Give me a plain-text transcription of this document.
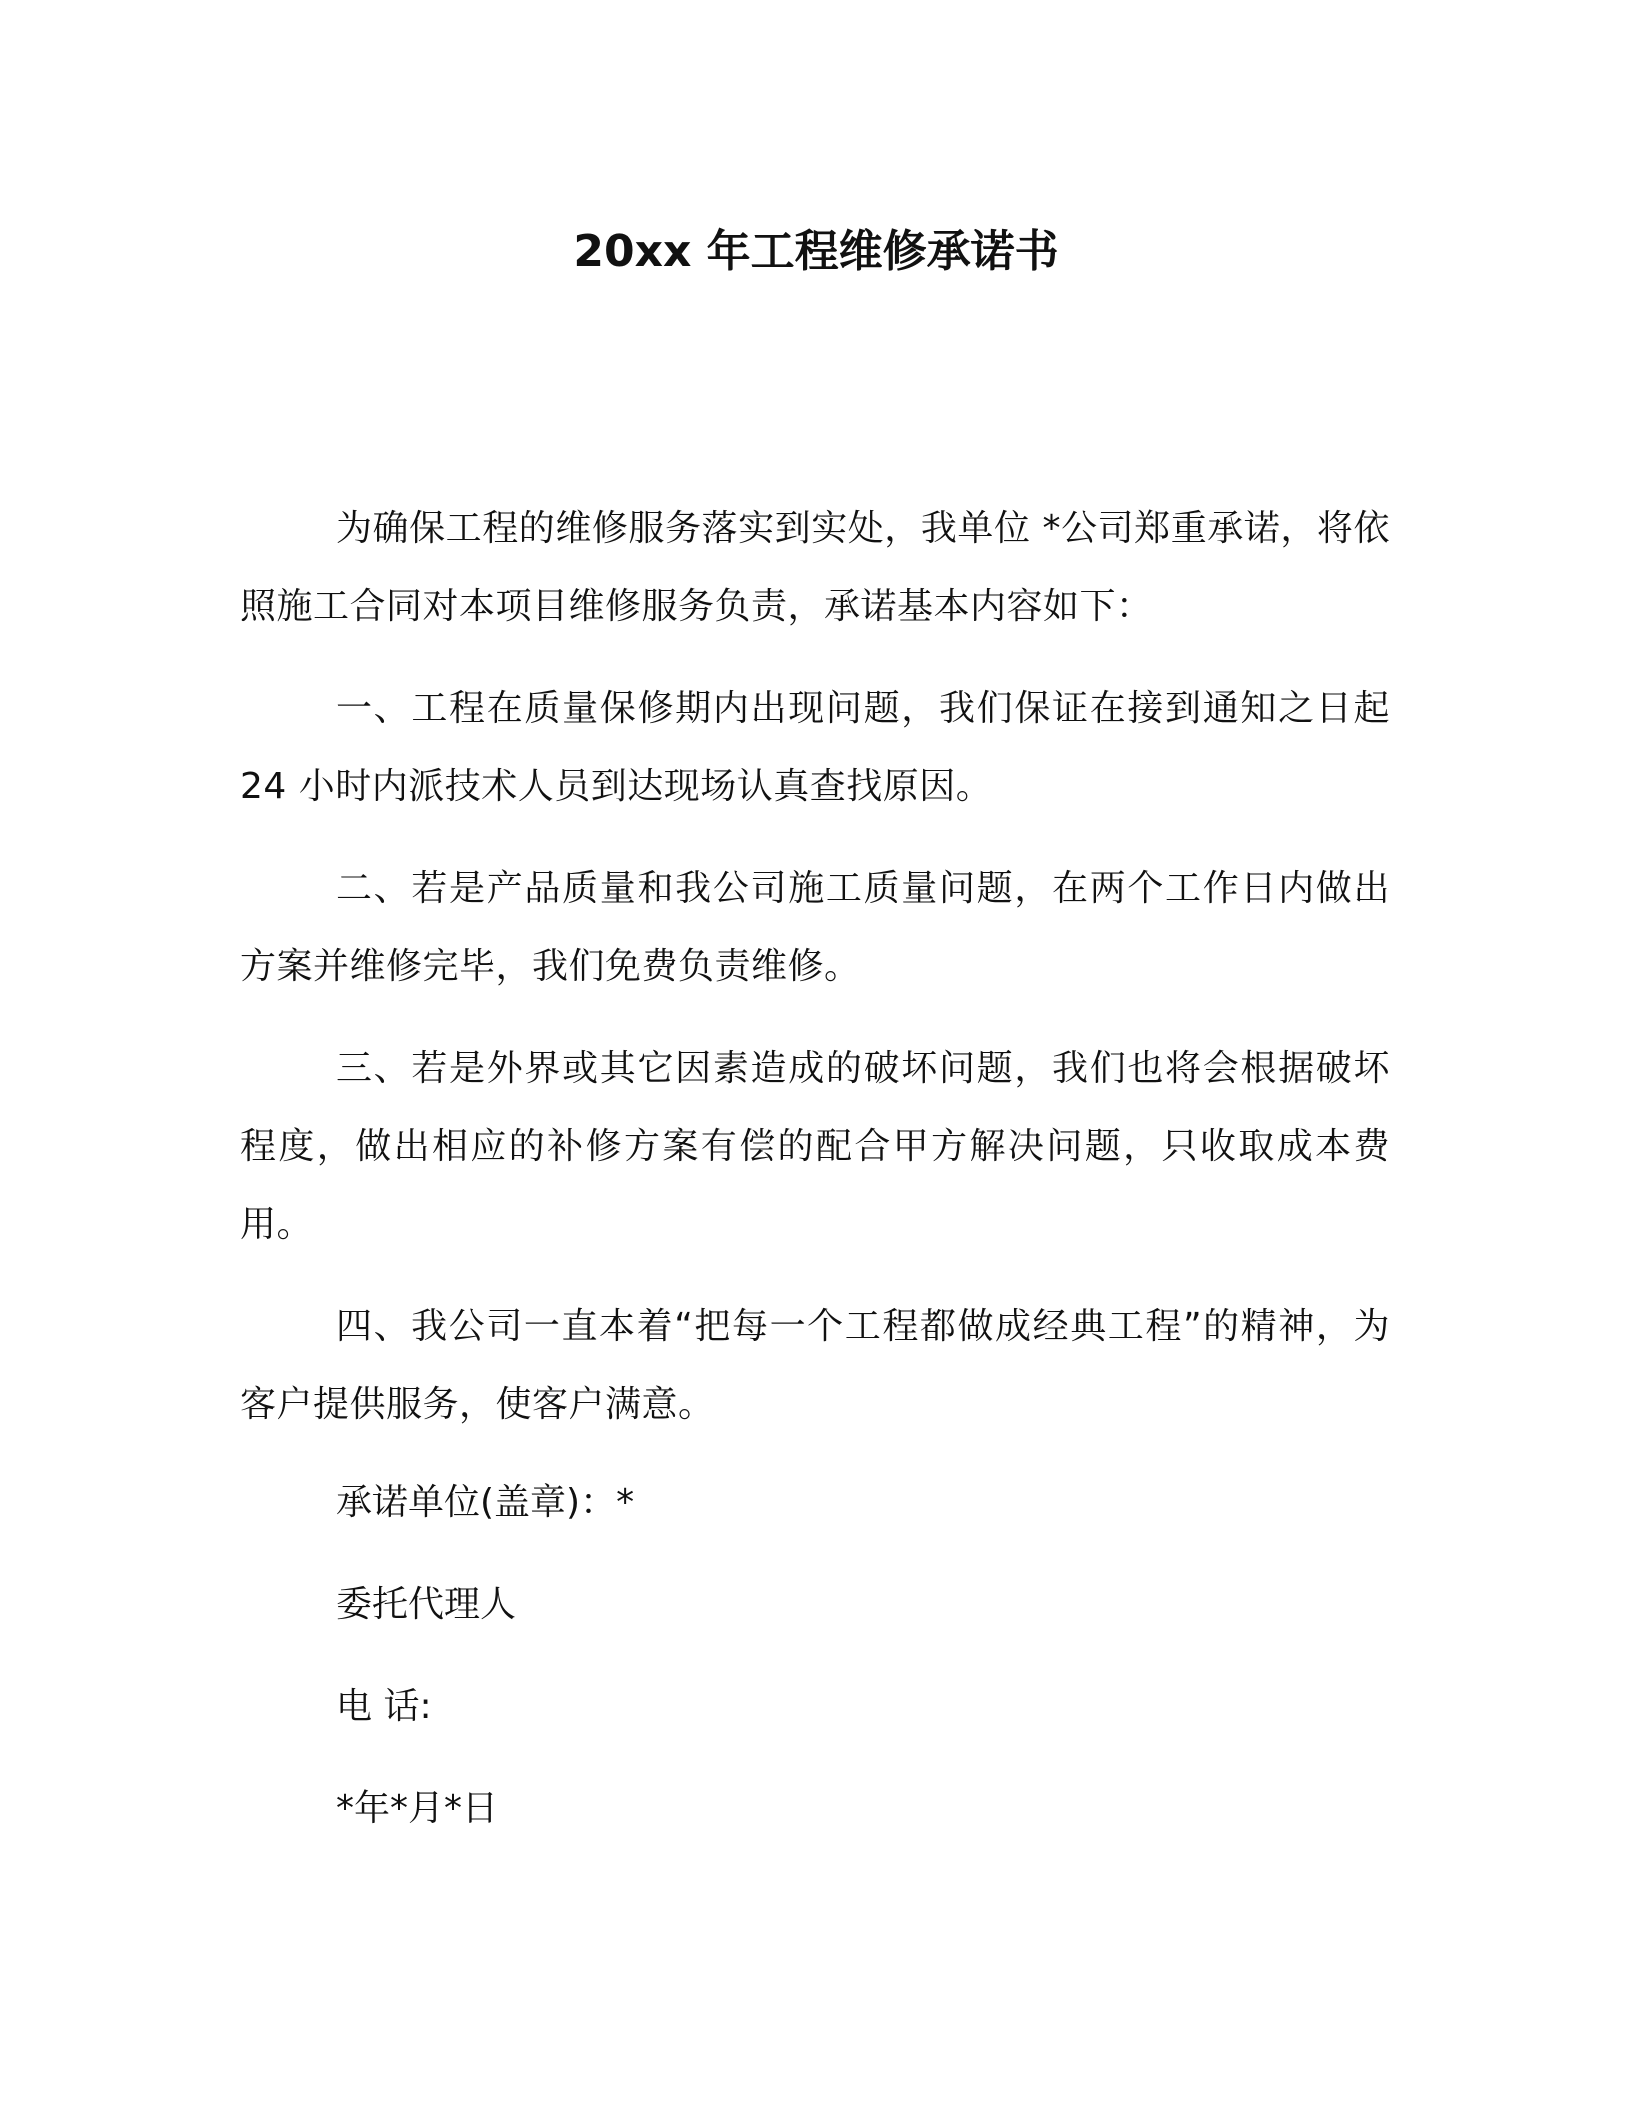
20xx 年工程维修承诺书

为确保工程的维修服务落实到实处，我单位 *公司郑重承诺，将依照施工合同对本项目维修服务负责，承诺基本内容如下：

一、工程在质量保修期内出现问题，我们保证在接到通知之日起 24 小时内派技术人员到达现场认真查找原因。

二、若是产品质量和我公司施工质量问题，在两个工作日内做出方案并维修完毕，我们免费负责维修。

三、若是外界或其它因素造成的破坏问题，我们也将会根据破坏程度，做出相应的补修方案有偿的配合甲方解决问题，只收取成本费用。

四、我公司一直本着“把每一个工程都做成经典工程”的精神，为客户提供服务，使客户满意。

承诺单位(盖章)：*
委托代理人
电 话:
*年*月*日
